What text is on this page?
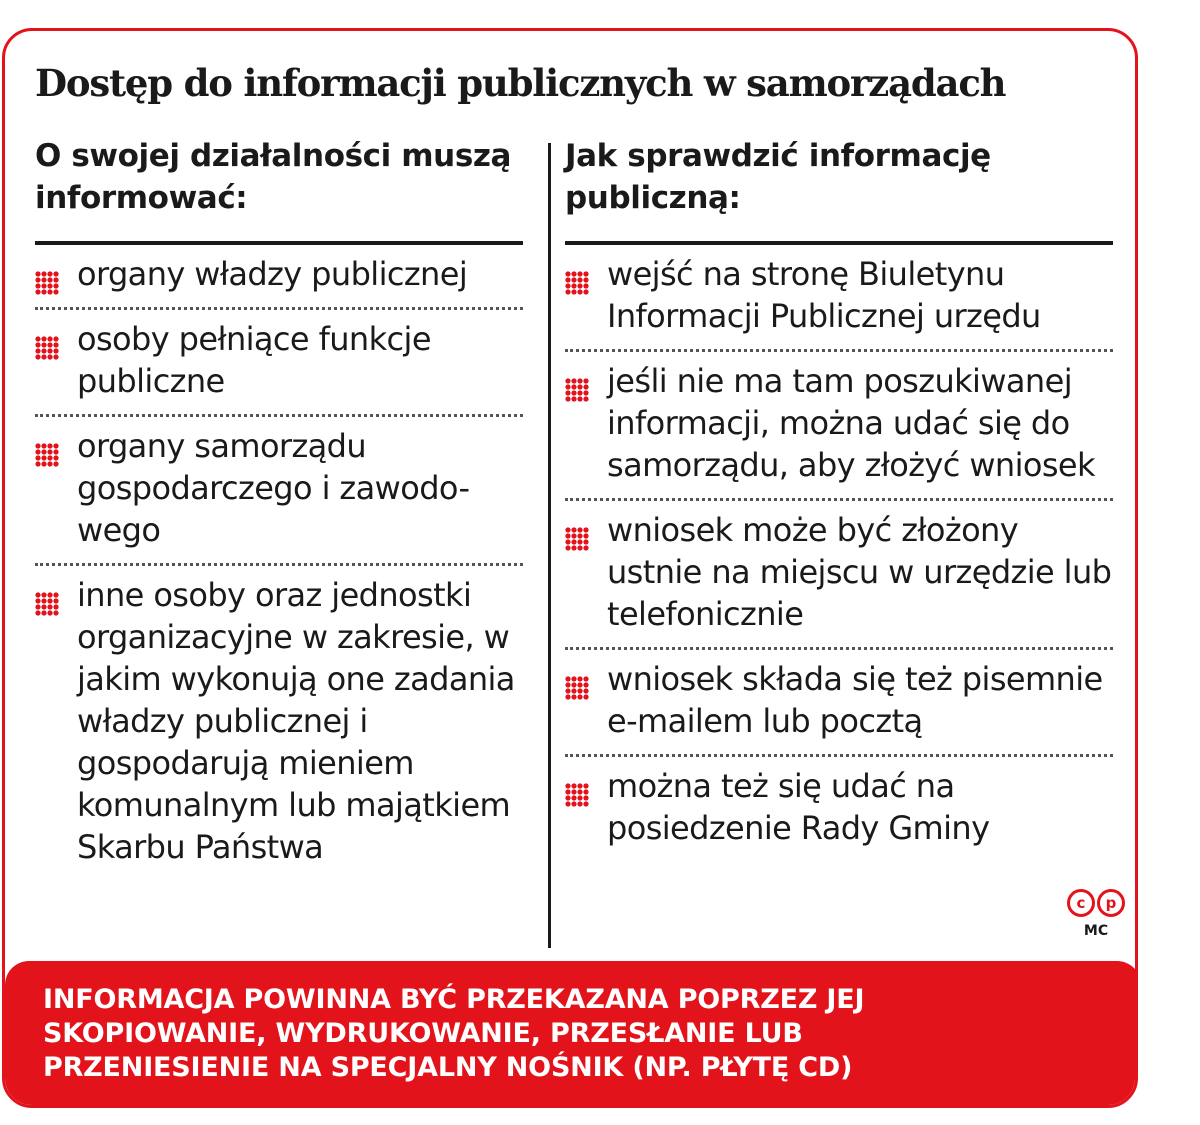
Dostęp do informacji publicznych w samorządach
O swojej działalności muszą informować:
organy władzy publicznej
osoby pełniące funkcje publiczne
organy samorządu gospodarczego i zawodo-wego
inne osoby oraz jednostki organizacyjne w zakresie, w jakim wykonują one zadania władzy publicznej i gospodarują mieniem komunalnym lub majątkiem Skarbu Państwa
Jak sprawdzić informację publiczną:
wejść na stronę Biuletynu Informacji Publicznej urzędu
jeśli nie ma tam poszukiwanej informacji, można udać się do samorządu, aby złożyć wniosek
wniosek może być złożony ustnie na miejscu w urzędzie lub telefonicznie
wniosek składa się też pisemnie e-mailem lub pocztą
można też się udać na posiedzenie Rady Gminy
c	p
MC

INFORMACJA POWINNA BYĆ PRZEKAZANA POPRZEZ JEJ SKOPIOWANIE, WYDRUKOWANIE, PRZESŁANIE LUB PRZENIESIENIE NA SPECJALNY NOŚNIK (NP. PŁYTĘ CD)
